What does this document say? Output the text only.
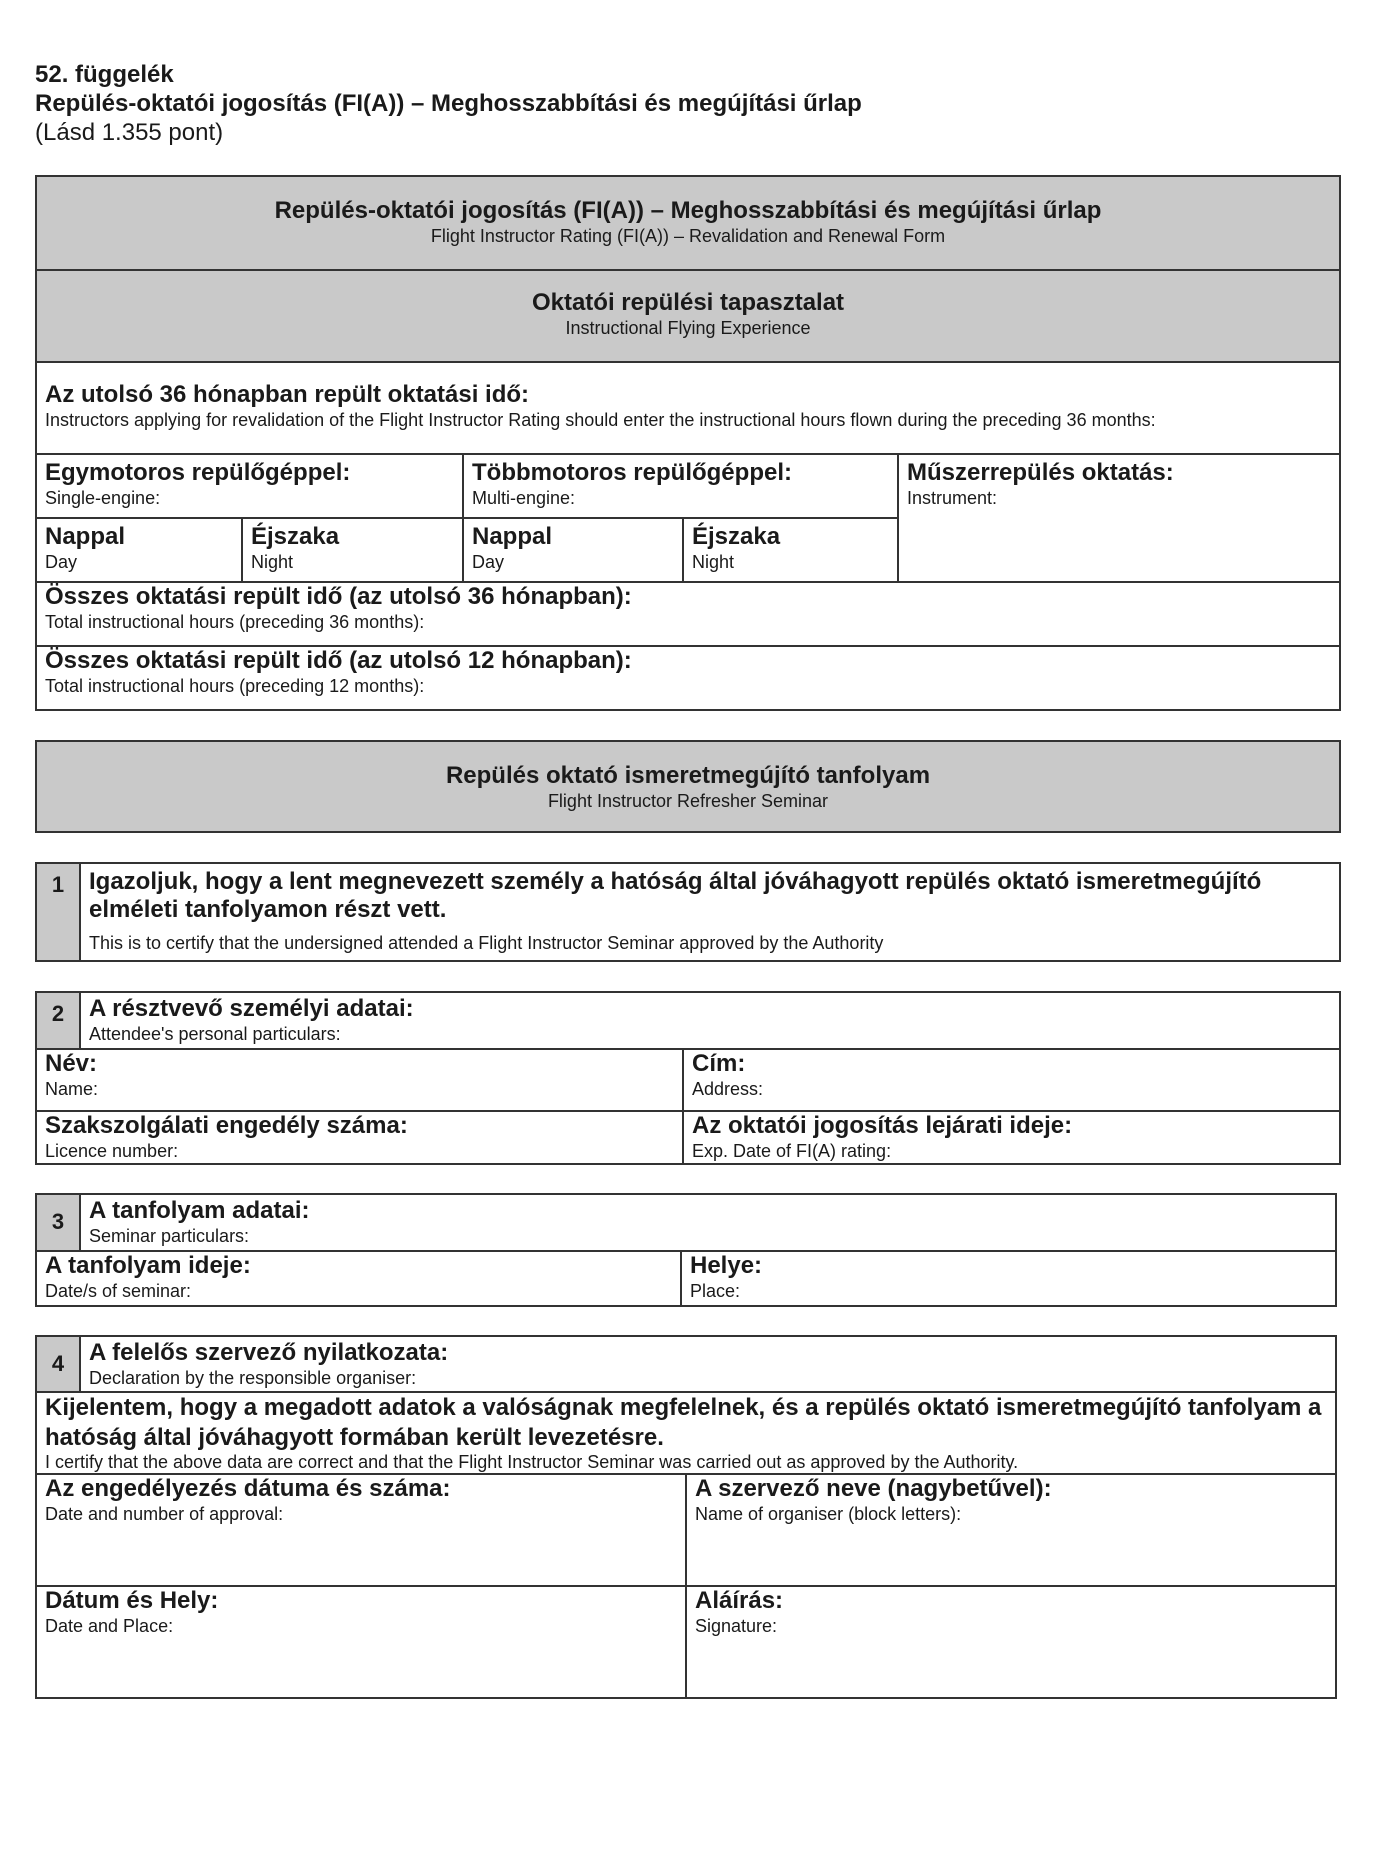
52. függelék
Repülés-oktatói jogosítás (FI(A)) – Meghosszabbítási és megújítási űrlap
(Lásd 1.355 pont)
Repülés-oktatói jogosítás (FI(A)) – Meghosszabbítási és megújítási űrlap
Flight Instructor Rating (FI(A)) – Revalidation and Renewal Form
Oktatói repülési tapasztalat
Instructional Flying Experience
Az utolsó 36 hónapban repült oktatási idő:
Instructors applying for revalidation of the Flight Instructor Rating should enter the instructional hours flown during the preceding 36 months:
Egymotoros repülőgéppel:
Single-engine:
Többmotoros repülőgéppel:
Multi-engine:
Műszerrepülés oktatás:
Instrument:
Nappal
Day
Éjszaka
Night
Nappal
Day
Éjszaka
Night
Összes oktatási repült idő (az utolsó 36 hónapban):
Total instructional hours (preceding 36 months):
Összes oktatási repült idő (az utolsó 12 hónapban):
Total instructional hours (preceding 12 months):
Repülés oktató ismeretmegújító tanfolyam
Flight Instructor Refresher Seminar
1	Igazoljuk, hogy a lent megnevezett személy a hatóság által jóváhagyott repülés oktató ismeretmegújító elméleti tanfolyamon részt vett.
This is to certify that the undersigned attended a Flight Instructor Seminar approved by the Authority
2	A résztvevő személyi adatai:
Attendee's personal particulars:
Név:
Name:
Cím:
Address:
Szakszolgálati engedély száma:
Licence number:
Az oktatói jogosítás lejárati ideje:
Exp. Date of FI(A) rating:
3	A tanfolyam adatai:
Seminar particulars:
A tanfolyam ideje:
Date/s of seminar:
Helye:
Place:
4	A felelős szervező nyilatkozata:
Declaration by the responsible organiser:
Kijelentem, hogy a megadott adatok a valóságnak megfelelnek, és a repülés oktató ismeretmegújító tanfolyam a hatóság által jóváhagyott formában került levezetésre.
I certify that the above data are correct and that the Flight Instructor Seminar was carried out as approved by the Authority.
Az engedélyezés dátuma és száma:
Date and number of approval:
A szervező neve (nagybetűvel):
Name of organiser (block letters):
Dátum és Hely:
Date and Place:
Aláírás:
Signature:
